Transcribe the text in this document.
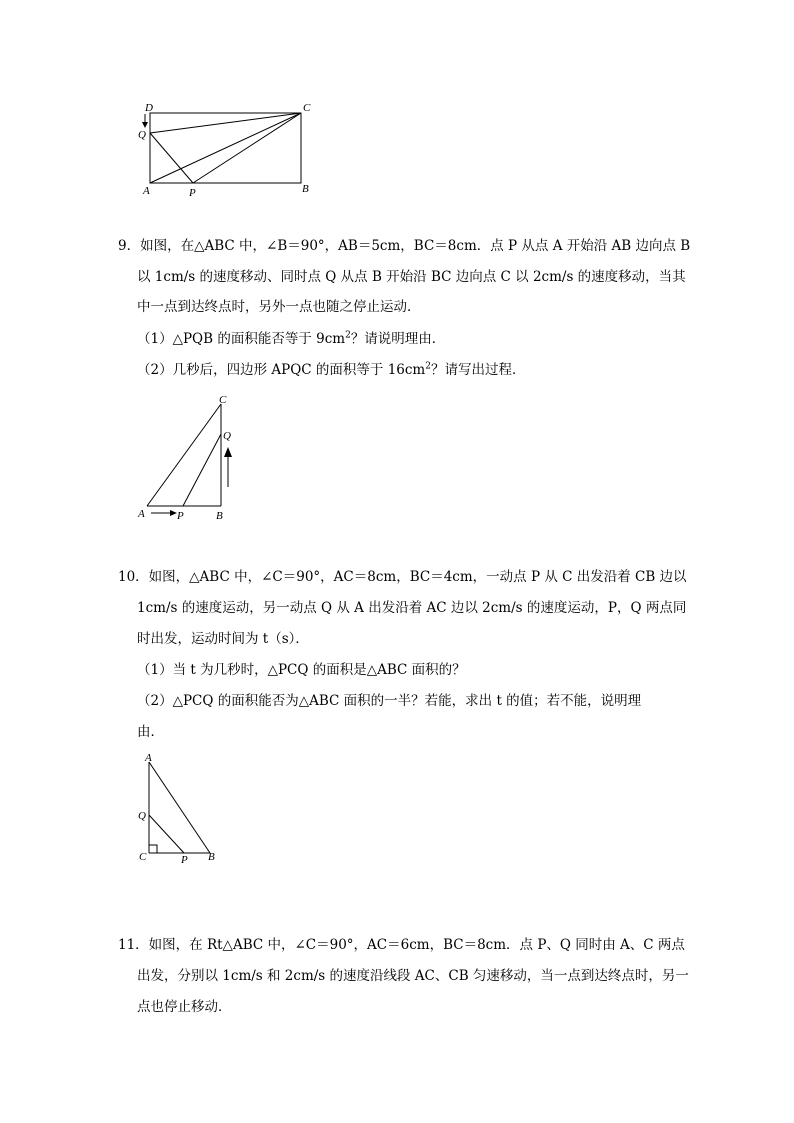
D	C
Q
A	P	B
9．如图，在△ABC 中，∠B＝90°，AB＝5cm，BC＝8cm．点 P 从点 A 开始沿 AB 边向点 B
以 1cm/s 的速度移动、同时点 Q 从点 B 开始沿 BC 边向点 C 以 2cm/s 的速度移动，当其
中一点到达终点时，另外一点也随之停止运动．
（1）△PQB 的面积能否等于 $9cm^2$？请说明理由．
（2）几秒后，四边形 APQC 的面积等于 $16cm^2$？请写出过程．
C
Q
A	P	B
10．如图，△ABC 中，∠C＝90°，AC＝8cm，BC＝4cm，一动点 P 从 C 出发沿着 CB 边以
1cm/s 的速度运动，另一动点 Q 从 A 出发沿着 AC 边以 2cm/s 的速度运动，P，Q 两点同
时出发，运动时间为 t（s）．
（1）当 t 为几秒时，△PCQ 的面积是△ABC 面积的？
（2）△PCQ 的面积能否为△ABC 面积的一半？若能，求出 t 的值；若不能，说明理
由．
A
Q
C	P B
11．如图，在 Rt△ABC 中，∠C＝90°，AC＝6cm，BC＝8cm．点 P、Q 同时由 A、C 两点
出发，分别以 1cm/s 和 2cm/s 的速度沿线段 AC、CB 匀速移动，当一点到达终点时，另一
点也停止移动．
